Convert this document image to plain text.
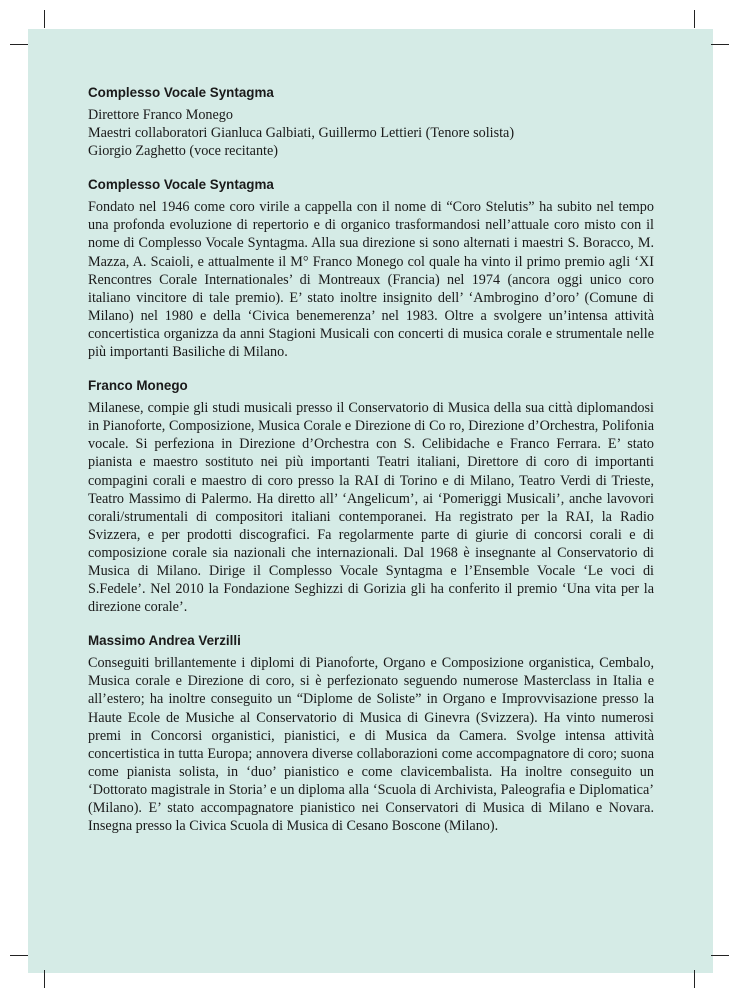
Complesso Vocale Syntagma

Direttore Franco Monego

Maestri collaboratori Gianluca Galbiati, Guillermo Lettieri (Tenore solista)

Giorgio Zaghetto (voce recitante)

Complesso Vocale Syntagma

Fondato nel 1946 come coro virile a cappella con il nome di “Coro Stelutis” ha subito nel tempo una profonda evoluzione di repertorio e di organico trasformandosi nell’attuale coro misto con il nome di Complesso Vocale Syntagma. Alla sua direzione si sono alternati i maestri S. Boracco, M. Mazza, A. Scaioli, e attualmente il M° Franco Monego col quale ha vinto il primo premio agli ‘XI Rencontres Corale Internationales’ di Montreaux (Francia) nel 1974 (ancora oggi unico coro italiano vincitore di tale premio). E’ stato inoltre insignito dell’ ‘Ambrogino d’oro’ (Comune di Milano) nel 1980 e della ‘Civica benemerenza’ nel 1983. Oltre a svolgere un’intensa attività concertistica organizza da anni Stagioni Musicali con concerti di musica corale e strumentale nelle più importanti Basiliche di Milano.

Franco Monego

Milanese, compie gli studi musicali presso il Conservatorio di Musica della sua città diplomandosi in Pianoforte, Composizione, Musica Corale e Direzione di Co ro, Direzione d’Orchestra, Polifonia vocale. Si perfeziona in Direzione d’Orchestra con S. Celibidache e Franco Ferrara. E’ stato pianista e maestro sostituto nei più importanti Teatri italiani, Direttore di coro di importanti compagini corali e maestro di coro presso la RAI di Torino e di Milano, Teatro Verdi di Trieste, Teatro Massimo di Palermo. Ha diretto all’ ‘Angelicum’, ai ‘Pomeriggi Musicali’, anche lavovori corali/strumentali di compositori italiani contemporanei. Ha registrato per la RAI, la Radio Svizzera, e per prodotti discografici. Fa regolarmente parte di giurie di concorsi corali e di composizione corale sia nazionali che internazionali. Dal 1968 è insegnante al Conservatorio di Musica di Milano. Dirige il Complesso Vocale Syntagma e l’Ensemble Vocale ‘Le voci di S.Fedele’. Nel 2010 la Fondazione Seghizzi di Gorizia gli ha conferito il premio ‘Una vita per la direzione corale’.

Massimo Andrea Verzilli

Conseguiti brillantemente i diplomi di Pianoforte, Organo e Composizione organistica, Cembalo, Musica corale e Direzione di coro, si è perfezionato seguendo numerose Masterclass in Italia e all’estero; ha inoltre conseguito un “Diplome de Soliste” in Organo e Improvvisazione presso la Haute Ecole de Musiche al Conservatorio di Musica di Ginevra (Svizzera). Ha vinto numerosi premi in Concorsi organistici, pianistici, e di Musica da Camera. Svolge intensa attività concertistica in tutta Europa; annovera diverse collaborazioni come accompagnatore di coro; suona come pianista solista, in ‘duo’ pianistico e come clavicembalista. Ha inoltre conseguito un ‘Dottorato magistrale in Storia’ e un diploma alla ‘Scuola di Archivista, Paleografia e Diplomatica’ (Milano). E’ stato accompagnatore pianistico nei Conservatori di Musica di Milano e Novara. Insegna presso la Civica Scuola di Musica di Cesano Boscone (Milano).
